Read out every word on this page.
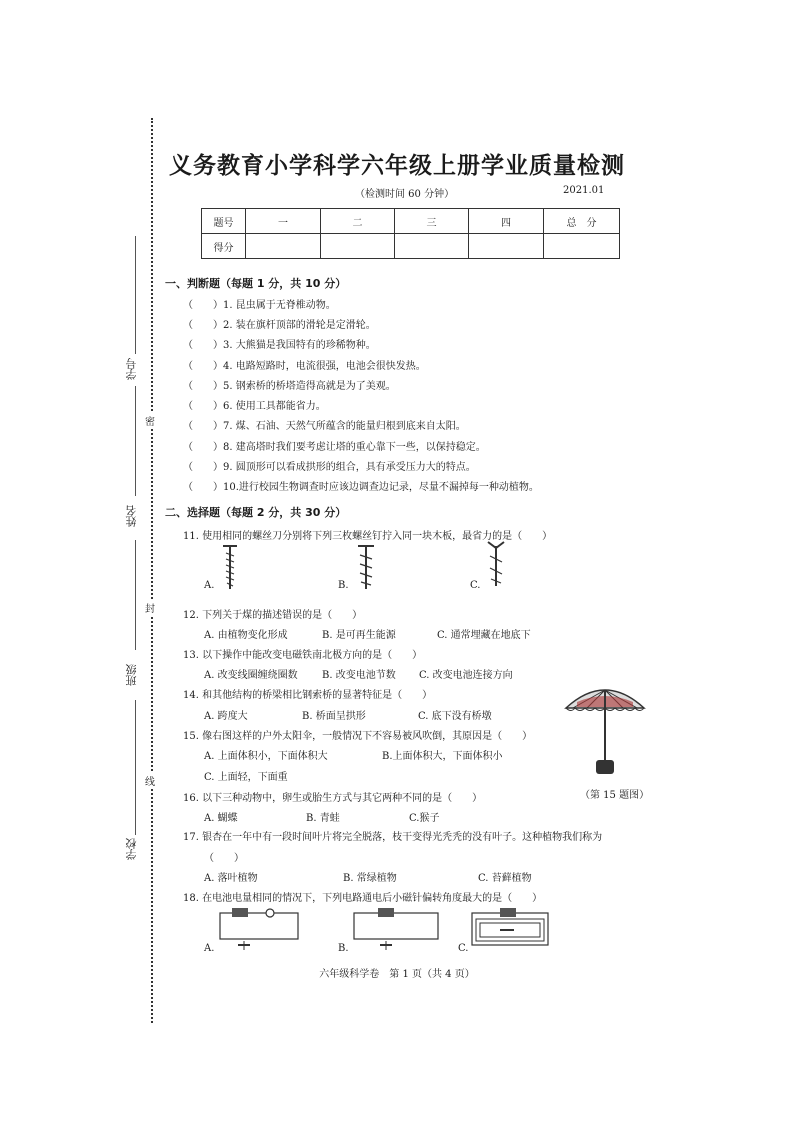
学号
姓名
班级
学校
密
封
线
义务教育小学科学六年级上册学业质量检测
（检测时间 60 分钟）	2021.01
题号	一	二	三	四	总　分
得分					
一、判断题（每题 1 分，共 10 分）
（　　）1. 昆虫属于无脊椎动物。
（　　）2. 装在旗杆顶部的滑轮是定滑轮。
（　　）3. 大熊猫是我国特有的珍稀物种。
（　　）4. 电路短路时，电流很强，电池会很快发热。
（　　）5. 钢索桥的桥塔造得高就是为了美观。
（　　）6. 使用工具都能省力。
（　　）7. 煤、石油、天然气所蕴含的能量归根到底来自太阳。
（　　）8. 建高塔时我们要考虑让塔的重心靠下一些，以保持稳定。
（　　）9. 圆顶形可以看成拱形的组合，具有承受压力大的特点。
（　　）10.进行校园生物调查时应该边调查边记录，尽量不漏掉每一种动植物。
二、选择题（每题 2 分，共 30 分）
11. 使用相同的螺丝刀分别将下列三枚螺丝钉拧入同一块木板，最省力的是（　　）
A.	B.	C.
12. 下列关于煤的描述错误的是（　　）
A. 由植物变化形成	B. 是可再生能源	C. 通常埋藏在地底下
13. 以下操作中能改变电磁铁南北极方向的是（　　）
A. 改变线圈缠绕圈数 B. 改变电池节数 C. 改变电池连接方向
14. 和其他结构的桥梁相比钢索桥的显著特征是（　　）
A. 跨度大	B. 桥面呈拱形	C. 底下没有桥墩
15. 像右图这样的户外太阳伞，一般情况下不容易被风吹倒，其原因是（　　）
A. 上面体积小，下面体积大	B.上面体积大，下面体积小
C. 上面轻，下面重
（第 15 题图）
16. 以下三种动物中，卵生或胎生方式与其它两种不同的是（　　）
A. 蝴蝶	B. 青蛙	C.猴子
17. 银杏在一年中有一段时间叶片将完全脱落，枝干变得光秃秃的没有叶子。这种植物我们称为
（　　）
A. 落叶植物	B. 常绿植物	C. 苔藓植物
18. 在电池电量相同的情况下，下列电路通电后小磁针偏转角度最大的是（　　）
A.	B.	C.
六年级科学卷　第 1 页（共 4 页）
